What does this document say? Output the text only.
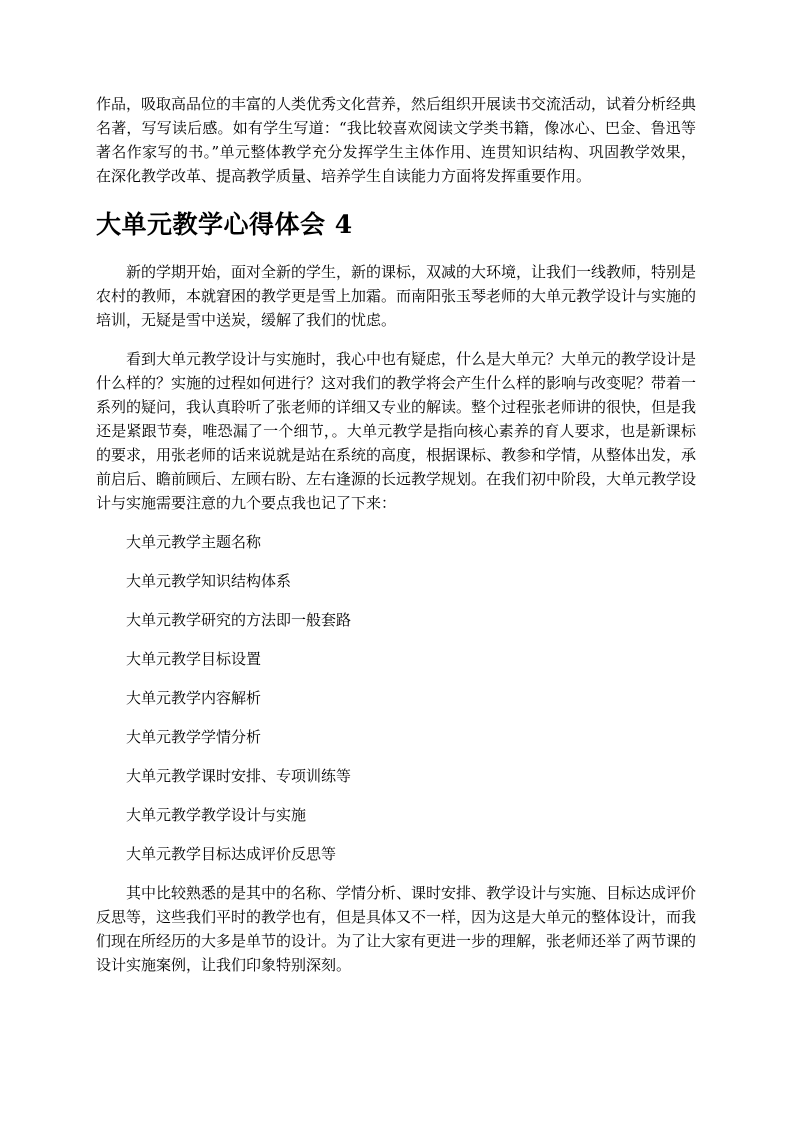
作品，吸取高品位的丰富的人类优秀文化营养，然后组织开展读书交流活动，试着分析经典名著，写写读后感。如有学生写道：“我比较喜欢阅读文学类书籍，像冰心、巴金、鲁迅等著名作家写的书。”单元整体教学充分发挥学生主体作用、连贯知识结构、巩固教学效果，在深化教学改革、提高教学质量、培养学生自读能力方面将发挥重要作用。

大单元教学心得体会 4

新的学期开始，面对全新的学生，新的课标，双减的大环境，让我们一线教师，特别是农村的教师，本就窘困的教学更是雪上加霜。而南阳张玉琴老师的大单元教学设计与实施的培训，无疑是雪中送炭，缓解了我们的忧虑。

看到大单元教学设计与实施时，我心中也有疑虑，什么是大单元？大单元的教学设计是什么样的？实施的过程如何进行？这对我们的教学将会产生什么样的影响与改变呢？带着一系列的疑问，我认真聆听了张老师的详细又专业的解读。整个过程张老师讲的很快，但是我还是紧跟节奏，唯恐漏了一个细节，。大单元教学是指向核心素养的育人要求，也是新课标的要求，用张老师的话来说就是站在系统的高度，根据课标、教参和学情，从整体出发，承前启后、瞻前顾后、左顾右盼、左右逢源的长远教学规划。在我们初中阶段，大单元教学设计与实施需要注意的九个要点我也记了下来：

大单元教学主题名称

大单元教学知识结构体系

大单元教学研究的方法即一般套路

大单元教学目标设置

大单元教学内容解析

大单元教学学情分析

大单元教学课时安排、专项训练等

大单元教学教学设计与实施

大单元教学目标达成评价反思等

其中比较熟悉的是其中的名称、学情分析、课时安排、教学设计与实施、目标达成评价反思等，这些我们平时的教学也有，但是具体又不一样，因为这是大单元的整体设计，而我们现在所经历的大多是单节的设计。为了让大家有更进一步的理解，张老师还举了两节课的设计实施案例，让我们印象特别深刻。
